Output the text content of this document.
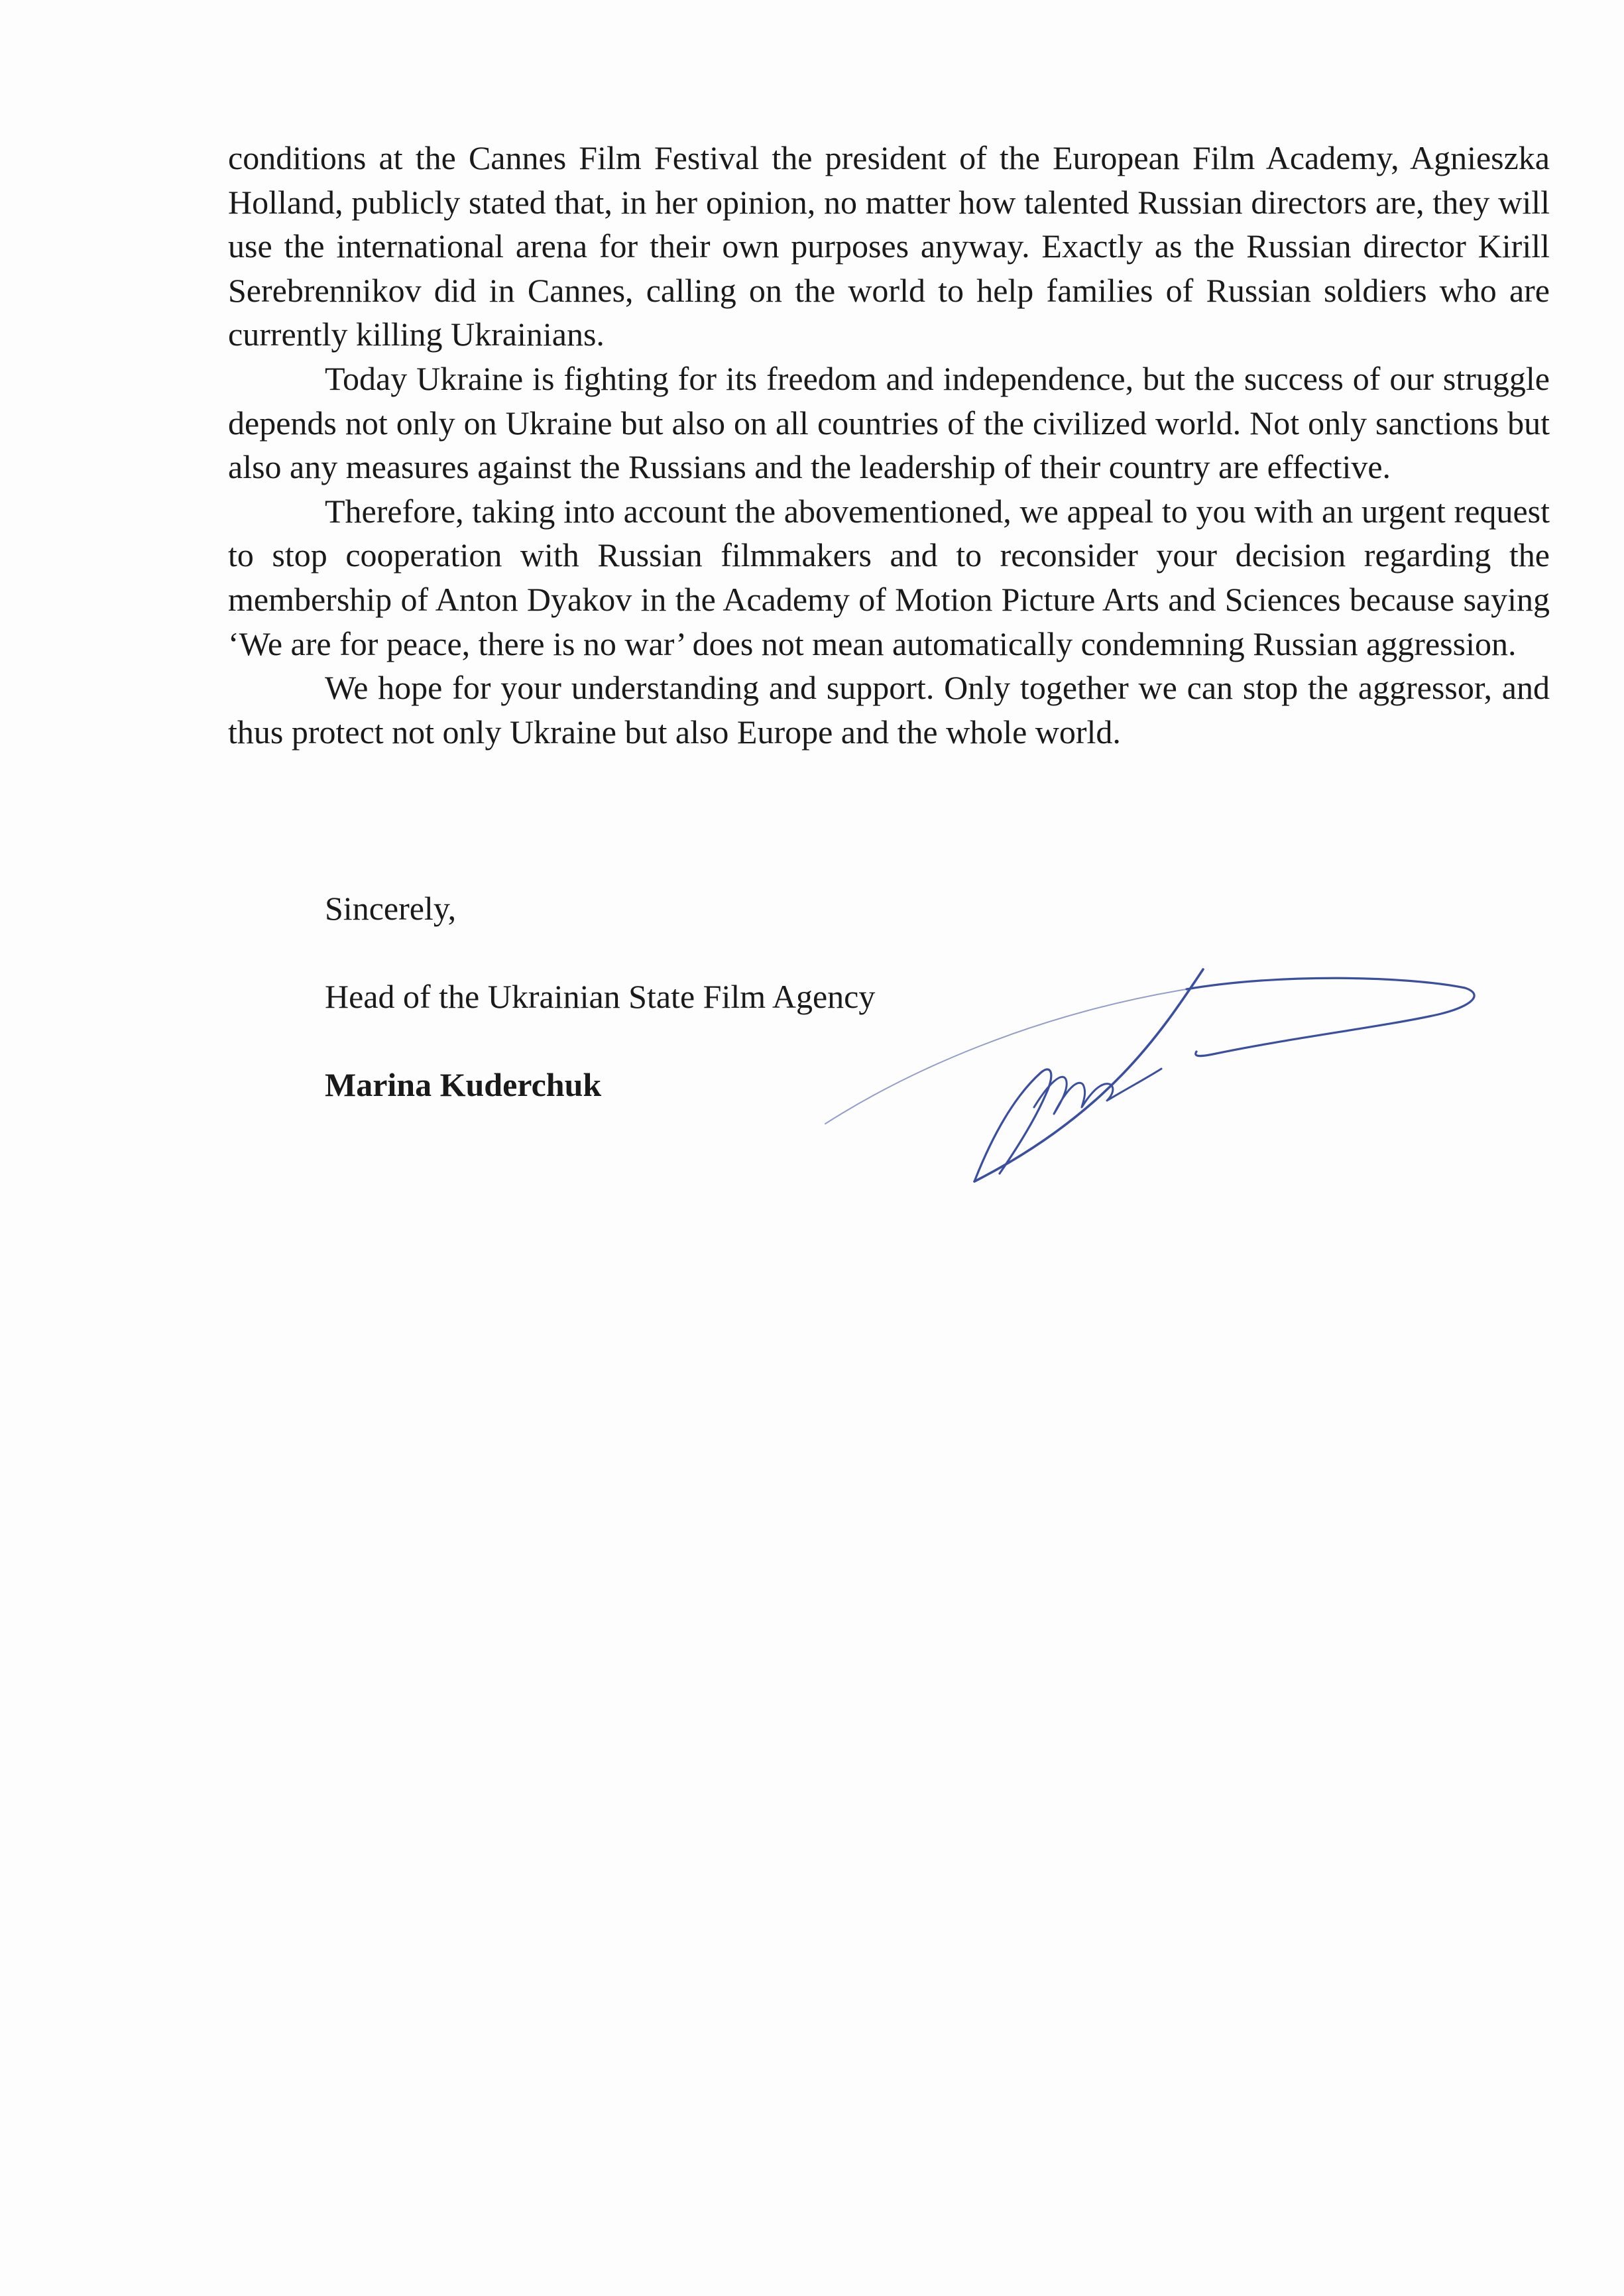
conditions at the Cannes Film Festival the president of the European Film Academy, Agnieszka Holland, publicly stated that, in her opinion, no matter how talented Russian directors are, they will use the international arena for their own purposes anyway. Exactly as the Russian director Kirill Serebrennikov did in Cannes, calling on the world to help families of Russian soldiers who are currently killing Ukrainians.

Today Ukraine is fighting for its freedom and independence, but the success of our struggle depends not only on Ukraine but also on all countries of the civilized world. Not only sanctions but also any measures against the Russians and the leadership of their country are effective.

Therefore, taking into account the abovementioned, we appeal to you with an urgent request to stop cooperation with Russian filmmakers and to reconsider your decision regarding the membership of Anton Dyakov in the Academy of Motion Picture Arts and Sciences because saying ‘We are for peace, there is no war’ does not mean automatically condemning Russian aggression.

We hope for your understanding and support. Only together we can stop the aggressor, and thus protect not only Ukraine but also Europe and the whole world.

Sincerely,
Head of the Ukrainian State Film Agency
Marina Kuderchuk
